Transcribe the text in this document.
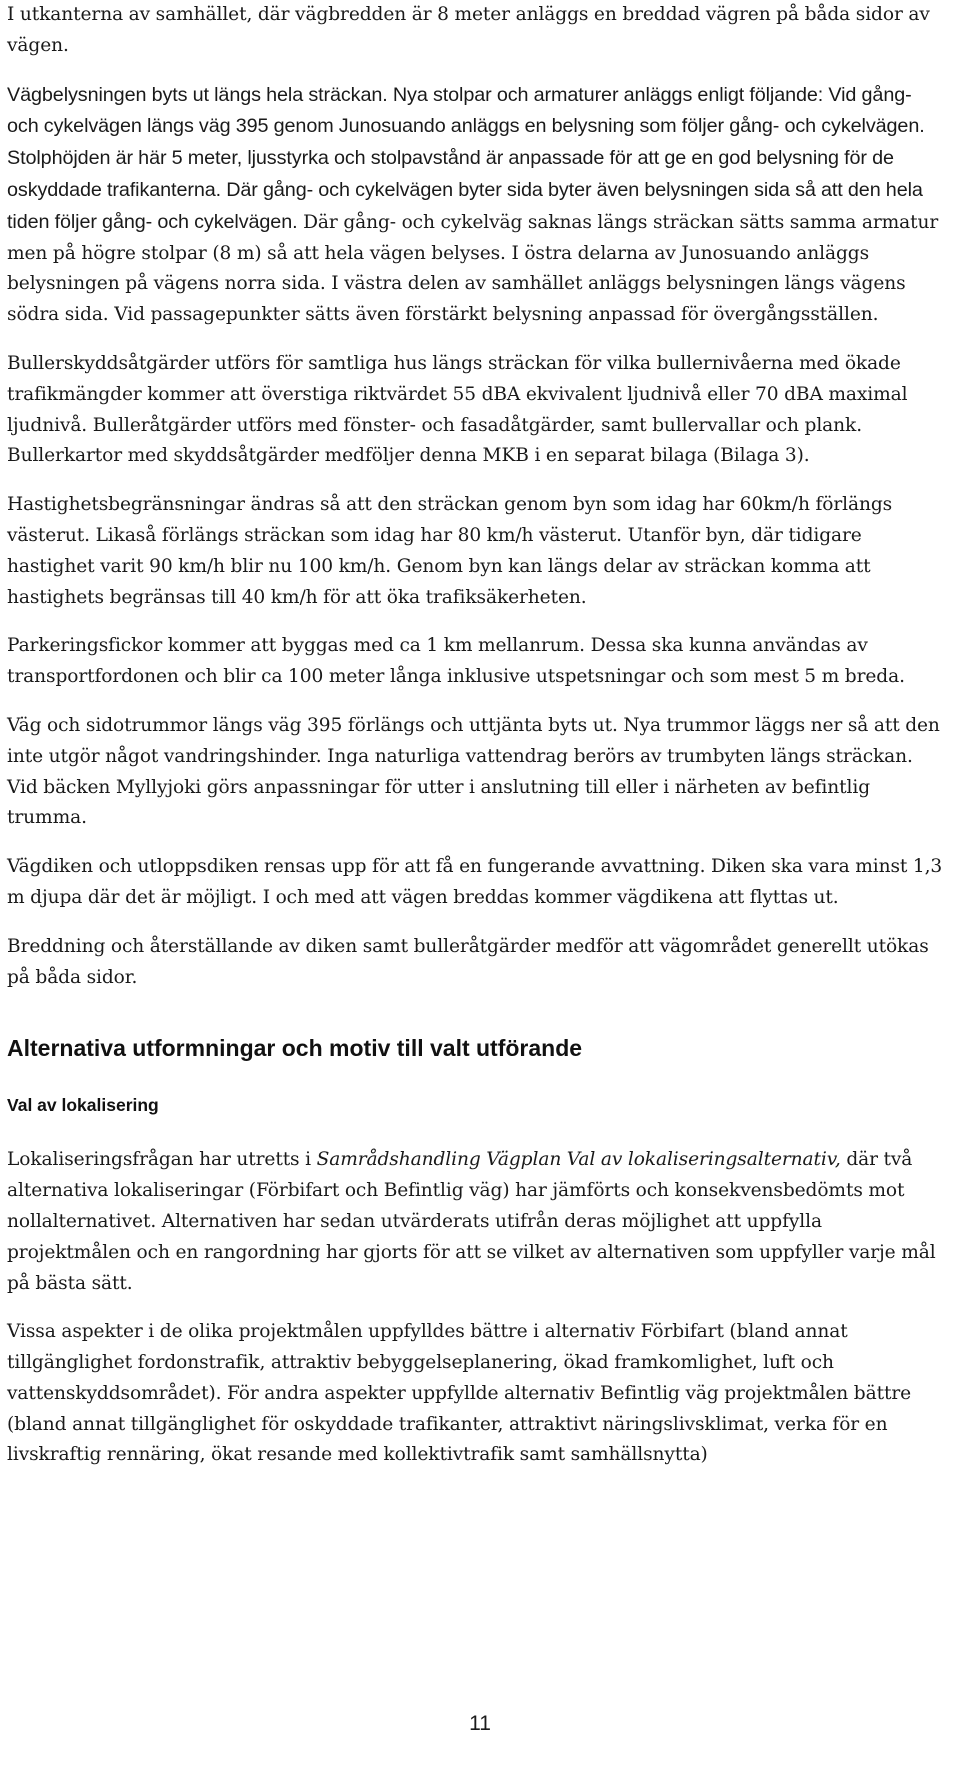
I utkanterna av samhället, där vägbredden är 8 meter anläggs en breddad vägren på båda sidor av vägen.

Vägbelysningen byts ut längs hela sträckan. Nya stolpar och armaturer anläggs enligt följande: Vid gång- och cykelvägen längs väg 395 genom Junosuando anläggs en belysning som följer gång- och cykelvägen. Stolphöjden är här 5 meter, ljusstyrka och stolpavstånd är anpassade för att ge en god belysning för de oskyddade trafikanterna. Där gång- och cykelvägen byter sida byter även belysningen sida så att den hela tiden följer gång- och cykelvägen. Där gång- och cykelväg saknas längs sträckan sätts samma armatur men på högre stolpar (8 m) så att hela vägen belyses. I östra delarna av Junosuando anläggs belysningen på vägens norra sida. I västra delen av samhället anläggs belysningen längs vägens södra sida. Vid passagepunkter sätts även förstärkt belysning anpassad för övergångsställen.

Bullerskyddsåtgärder utförs för samtliga hus längs sträckan för vilka bullernivåerna med ökade trafikmängder kommer att överstiga riktvärdet 55 dBA ekvivalent ljudnivå eller 70 dBA maximal ljudnivå. Bulleråtgärder utförs med fönster- och fasadåtgärder, samt bullervallar och plank. Bullerkartor med skyddsåtgärder medföljer denna MKB i en separat bilaga (Bilaga 3).

Hastighetsbegränsningar ändras så att den sträckan genom byn som idag har 60km/h förlängs västerut. Likaså förlängs sträckan som idag har 80 km/h västerut. Utanför byn, där tidigare hastighet varit 90 km/h blir nu 100 km/h. Genom byn kan längs delar av sträckan komma att hastighets begränsas till 40 km/h för att öka trafiksäkerheten.

Parkeringsfickor kommer att byggas med ca 1 km mellanrum. Dessa ska kunna användas av transportfordonen och blir ca 100 meter långa inklusive utspetsningar och som mest 5 m breda.

Väg och sidotrummor längs väg 395 förlängs och uttjänta byts ut. Nya trummor läggs ner så att den inte utgör något vandringshinder. Inga naturliga vattendrag berörs av trumbyten längs sträckan. Vid bäcken Myllyjoki görs anpassningar för utter i anslutning till eller i närheten av befintlig trumma.

Vägdiken och utloppsdiken rensas upp för att få en fungerande avvattning. Diken ska vara minst 1,3 m djupa där det är möjligt. I och med att vägen breddas kommer vägdikena att flyttas ut.

Breddning och återställande av diken samt bulleråtgärder medför att vägområdet generellt utökas på båda sidor.

Alternativa utformningar och motiv till valt utförande
Val av lokalisering

Lokaliseringsfrågan har utretts i Samrådshandling Vägplan Val av lokaliseringsalternativ, där två alternativa lokaliseringar (Förbifart och Befintlig väg) har jämförts och konsekvensbedömts mot nollalternativet. Alternativen har sedan utvärderats utifrån deras möjlighet att uppfylla projektmålen och en rangordning har gjorts för att se vilket av alternativen som uppfyller varje mål på bästa sätt.

Vissa aspekter i de olika projektmålen uppfylldes bättre i alternativ Förbifart (bland annat tillgänglighet fordonstrafik, attraktiv bebyggelseplanering, ökad framkomlighet, luft och vattenskyddsområdet). För andra aspekter uppfyllde alternativ Befintlig väg projektmålen bättre (bland annat tillgänglighet för oskyddade trafikanter, attraktivt näringslivsklimat, verka för en livskraftig rennäring, ökat resande med kollektivtrafik samt samhällsnytta)

11
